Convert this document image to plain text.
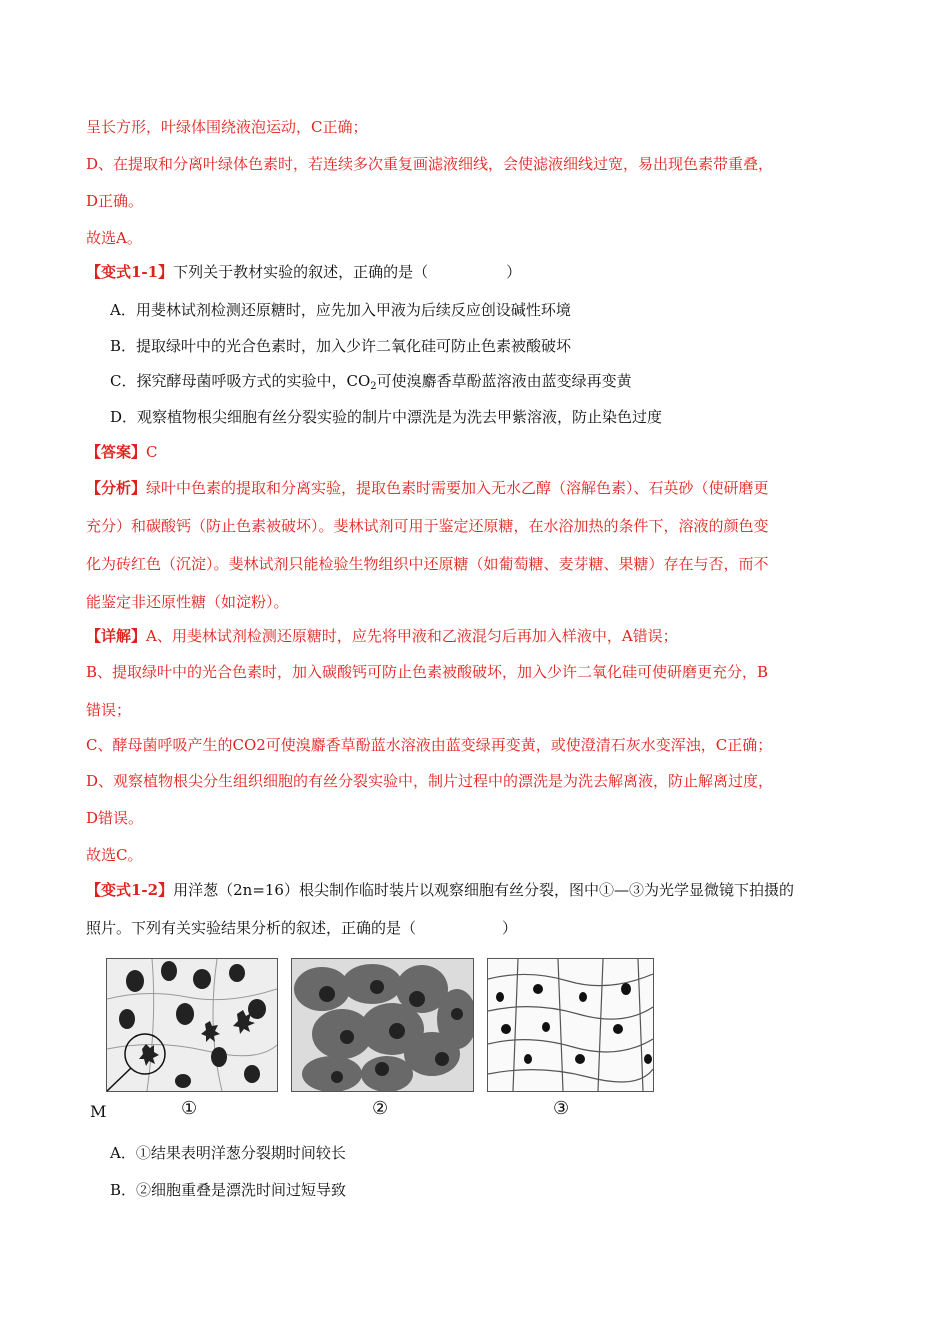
呈长方形，叶绿体围绕液泡运动，C正确；
D、在提取和分离叶绿体色素时，若连续多次重复画滤液细线，会使滤液细线过宽，易出现色素带重叠，
D正确。
故选A。
【变式1-1】下列关于教材实验的叙述，正确的是（	）
A．用斐林试剂检测还原糖时，应先加入甲液为后续反应创设碱性环境
B．提取绿叶中的光合色素时，加入少许二氧化硅可防止色素被酸破坏
C．探究酵母菌呼吸方式的实验中，$CO_2$可使溴麝香草酚蓝溶液由蓝变绿再变黄
D．观察植物根尖细胞有丝分裂实验的制片中漂洗是为洗去甲紫溶液，防止染色过度
【答案】C
【分析】绿叶中色素的提取和分离实验，提取色素时需要加入无水乙醇（溶解色素）、石英砂（使研磨更
充分）和碳酸钙（防止色素被破坏）。斐林试剂可用于鉴定还原糖，在水浴加热的条件下，溶液的颜色变
化为砖红色（沉淀）。斐林试剂只能检验生物组织中还原糖（如葡萄糖、麦芽糖、果糖）存在与否，而不
能鉴定非还原性糖（如淀粉）。
【详解】A、用斐林试剂检测还原糖时，应先将甲液和乙液混匀后再加入样液中，A错误；
B、提取绿叶中的光合色素时，加入碳酸钙可防止色素被酸破坏，加入少许二氧化硅可使研磨更充分，B
错误；
C、酵母菌呼吸产生的CO2可使溴麝香草酚蓝水溶液由蓝变绿再变黄，或使澄清石灰水变浑浊，C正确；
D、观察植物根尖分生组织细胞的有丝分裂实验中，制片过程中的漂洗是为洗去解离液，防止解离过度，
D错误。
故选C。
【变式1-2】用洋葱（2n=16）根尖制作临时装片以观察细胞有丝分裂，图中①—③为光学显微镜下拍摄的
照片。下列有关实验结果分析的叙述，正确的是（	）
M	①	②	③
A．①结果表明洋葱分裂期时间较长
B．②细胞重叠是漂洗时间过短导致
